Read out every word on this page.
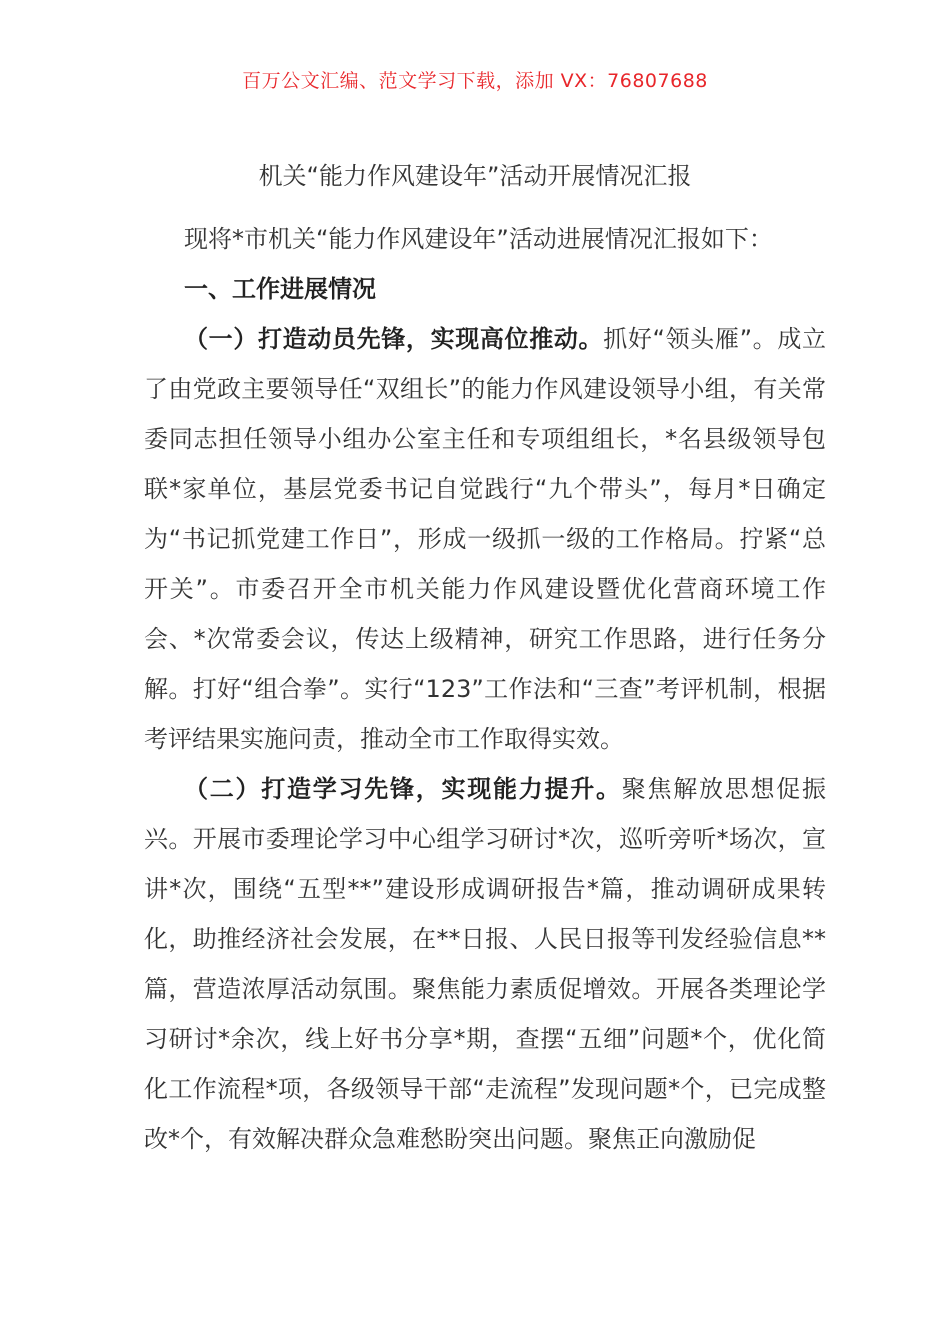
百万公文汇编、范文学习下载，添加 VX：76807688
机关“能力作风建设年”活动开展情况汇报

现将*市机关“能力作风建设年”活动进展情况汇报如下：

一、工作进展情况

（一）打造动员先锋，实现高位推动。抓好“领头雁”。成立了由党政主要领导任“双组长”的能力作风建设领导小组，有关常委同志担任领导小组办公室主任和专项组组长，*名县级领导包联*家单位，基层党委书记自觉践行“九个带头”，每月*日确定为“书记抓党建工作日”，形成一级抓一级的工作格局。拧紧“总开关”。市委召开全市机关能力作风建设暨优化营商环境工作会、*次常委会议，传达上级精神，研究工作思路，进行任务分解。打好“组合拳”。实行“123”工作法和“三查”考评机制，根据考评结果实施问责，推动全市工作取得实效。

（二）打造学习先锋，实现能力提升。聚焦解放思想促振兴。开展市委理论学习中心组学习研讨*次，巡听旁听*场次，宣讲*次，围绕“五型**”建设形成调研报告*篇，推动调研成果转化，助推经济社会发展，在**日报、人民日报等刊发经验信息**篇，营造浓厚活动氛围。聚焦能力素质促增效。开展各类理论学习研讨*余次，线上好书分享*期，查摆“五细”问题*个，优化简化工作流程*项，各级领导干部“走流程”发现问题*个，已完成整改*个，有效解决群众急难愁盼突出问题。聚焦正向激励促
